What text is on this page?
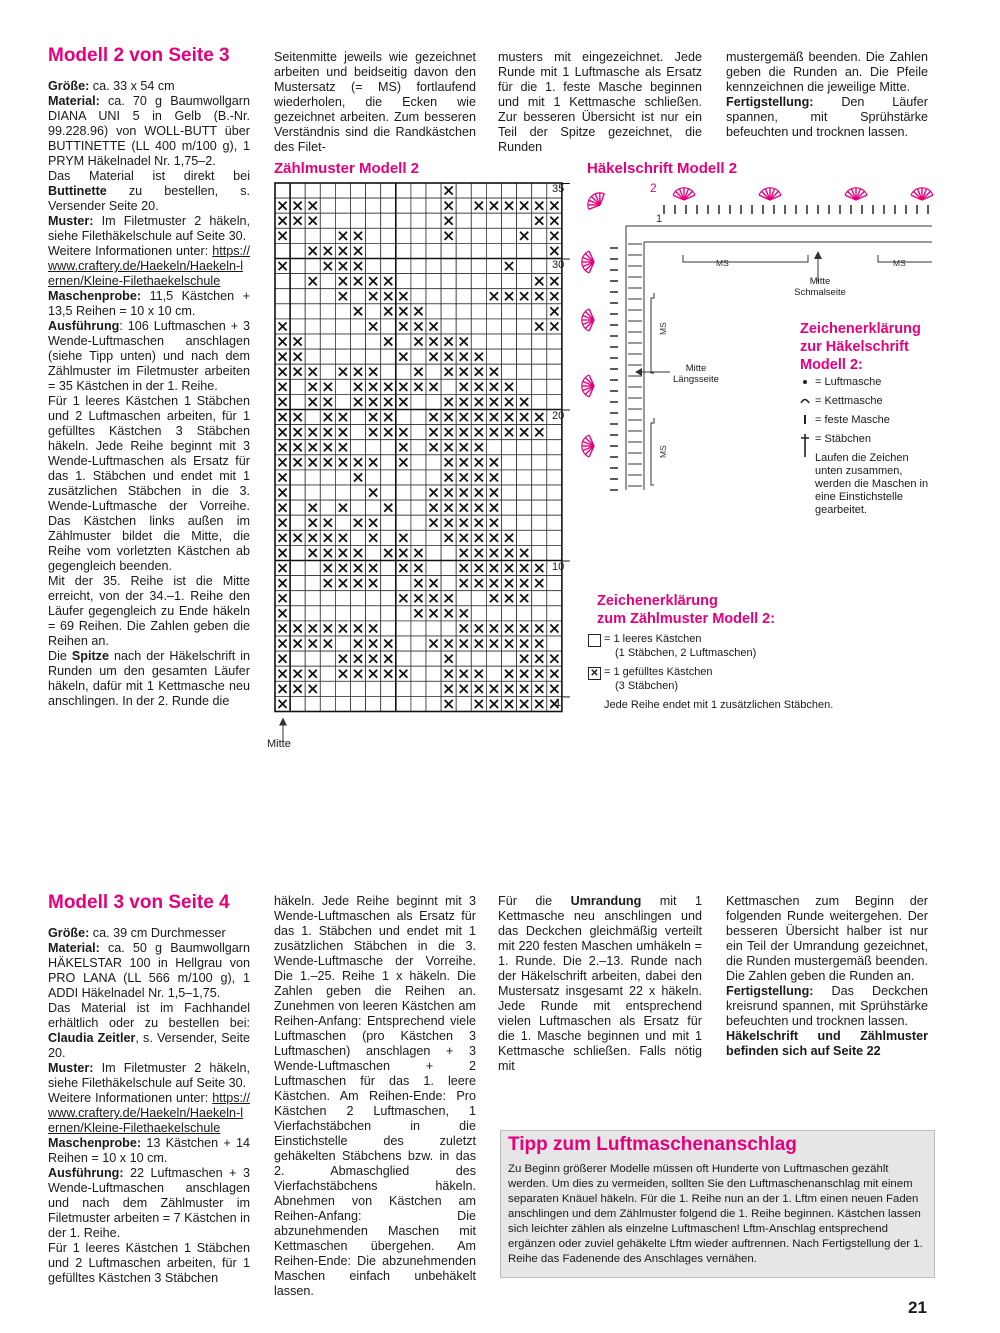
Modell 2 von Seite 3

Größe: ca. 33 x 54 cm

Material: ca. 70 g Baumwollgarn DIANA UNI 5 in Gelb (B.-Nr. 99.228.96) von WOLL-BUTT über BUTTINETTE (LL 400 m/100 g), 1 PRYM Häkelnadel Nr. 1,75–2.

Das Material ist direkt bei Buttinette zu bestellen, s. Versender Seite 20.

Muster: Im Filetmuster 2 häkeln, siehe Filethäkelschule auf Seite 30.

Weitere Informationen unter: https://www.craftery.de/Haekeln/Haekeln-lernen/Kleine-Filethaekelschule

Maschenprobe: 11,5 Kästchen + 13,5 Reihen = 10 x 10 cm.

Ausführung: 106 Luftmaschen + 3 Wende-Luftmaschen anschlagen (siehe Tipp unten) und nach dem Zählmuster im Filetmuster arbeiten = 35 Kästchen in der 1. Reihe.

Für 1 leeres Kästchen 1 Stäbchen und 2 Luftmaschen arbeiten, für 1 gefülltes Kästchen 3 Stäbchen häkeln. Jede Reihe beginnt mit 3 Wende-Luftmaschen als Ersatz für das 1. Stäbchen und endet mit 1 zusätzlichen Stäbchen in die 3. Wende-Luftmasche der Vorreihe. Das Kästchen links außen im Zählmuster bildet die Mitte, die Reihe vom vorletzten Kästchen ab gegengleich beenden.

Mit der 35. Reihe ist die Mitte erreicht, von der 34.–1. Reihe den Läufer gegengleich zu Ende häkeln = 69 Reihen. Die Zahlen geben die Reihen an.

Die Spitze nach der Häkelschrift in Runden um den gesamten Läufer häkeln, dafür mit 1 Kettmasche neu anschlingen. In der 2. Runde die

Seitenmitte jeweils wie gezeichnet arbeiten und beidseitig davon den Mustersatz (= MS) fortlaufend wiederholen, die Ecken wie gezeichnet arbeiten. Zum besseren Verständnis sind die Randkästchen des Filet-

musters mit eingezeichnet. Jede Runde mit 1 Luftmasche als Ersatz für die 1. feste Masche beginnen und mit 1 Kettmasche schließen. Zur besseren Übersicht ist nur ein Teil der Spitze gezeichnet, die Runden

mustergemäß beenden. Die Zahlen geben die Runden an. Die Pfeile kennzeichnen die jeweilige Mitte.

Fertigstellung: Den Läufer spannen, mit Sprühstärke befeuchten und trocknen lassen.

Zählmuster Modell 2
35
30
20
10
1
Mitte
Häkelschrift Modell 2
MS	MS
MS
MS
2
1
Mitte
Schmalseite
Mitte
Längsseite
Zeichenerklärung
zur Häkelschrift
Modell 2:
= Luftmasche
= Kettmasche
= feste Masche
= Stäbchen
Laufen die Zeichen unten zusammen, werden die Maschen in eine Einstichstelle gearbeitet.
Zeichenerklärung
zum Zählmuster Modell 2:
= 1 leeres Kästchen
(1 Stäbchen, 2 Luftmaschen)
✕ = 1 gefülltes Kästchen
(3 Stäbchen)
Jede Reihe endet mit 1 zusätzlichen Stäbchen.
Modell 3 von Seite 4

Größe: ca. 39 cm Durchmesser

Material: ca. 50 g Baumwollgarn HÄKELSTAR 100 in Hellgrau von PRO LANA (LL 566 m/100 g), 1 ADDI Häkelnadel Nr. 1,5–1,75.

Das Material ist im Fachhandel erhältlich oder zu bestellen bei: Claudia Zeitler, s. Versender, Seite 20.

Muster: Im Filetmuster 2 häkeln, siehe Filethäkelschule auf Seite 30.

Weitere Informationen unter: https://www.craftery.de/Haekeln/Haekeln-lernen/Kleine-Filethaekelschule

Maschenprobe: 13 Kästchen + 14 Reihen = 10 x 10 cm.

Ausführung: 22 Luftmaschen + 3 Wende-Luftmaschen anschlagen und nach dem Zählmuster im Filetmuster arbeiten = 7 Kästchen in der 1. Reihe.

Für 1 leeres Kästchen 1 Stäbchen und 2 Luftmaschen arbeiten, für 1 gefülltes Kästchen 3 Stäbchen

häkeln. Jede Reihe beginnt mit 3 Wende-Luftmaschen als Ersatz für das 1. Stäbchen und endet mit 1 zusätzlichen Stäbchen in die 3. Wende-Luftmasche der Vorreihe. Die 1.–25. Reihe 1 x häkeln. Die Zahlen geben die Reihen an. Zunehmen von leeren Kästchen am Reihen-Anfang: Entsprechend viele Luftmaschen (pro Kästchen 3 Luftmaschen) anschlagen + 3 Wende-Luftmaschen + 2 Luftmaschen für das 1. leere Kästchen. Am Reihen-Ende: Pro Kästchen 2 Luftmaschen, 1 Vierfachstäbchen in die Einstichstelle des zuletzt gehäkelten Stäbchens bzw. in das 2. Abmaschglied des Vierfachstäbchens häkeln. Abnehmen von Kästchen am Reihen-Anfang: Die abzunehmenden Maschen mit Kettmaschen übergehen. Am Reihen-Ende: Die abzunehmenden Maschen einfach unbehäkelt lassen.

Für die Umrandung mit 1 Kettmasche neu anschlingen und das Deckchen gleichmäßig verteilt mit 220 festen Maschen umhäkeln = 1. Runde. Die 2.–13. Runde nach der Häkelschrift arbeiten, dabei den Mustersatz insgesamt 22 x häkeln. Jede Runde mit entsprechend vielen Luftmaschen als Ersatz für die 1. Masche beginnen und mit 1 Kettmasche schließen. Falls nötig mit

Kettmaschen zum Beginn der folgenden Runde weitergehen. Der besseren Übersicht halber ist nur ein Teil der Umrandung gezeichnet, die Runden mustergemäß beenden. Die Zahlen geben die Runden an.

Fertigstellung: Das Deckchen kreisrund spannen, mit Sprühstärke befeuchten und trocknen lassen.

Häkelschrift und Zählmuster befinden sich auf Seite 22

Tipp zum Luftmaschenanschlag
Zu Beginn größerer Modelle müssen oft Hunderte von Luftmaschen gezählt werden. Um dies zu vermeiden, sollten Sie den Luftmaschenanschlag mit einem separaten Knäuel häkeln. Für die 1. Reihe nun an der 1. Lftm einen neuen Faden anschlingen und dem Zählmuster folgend die 1. Reihe beginnen. Kästchen lassen sich leichter zählen als einzelne Luftmaschen! Lftm-Anschlag entsprechend ergänzen oder zuviel gehäkelte Lftm wieder auftrennen. Nach Fertigstellung der 1. Reihe das Fadenende des Anschlages vernähen.
21
